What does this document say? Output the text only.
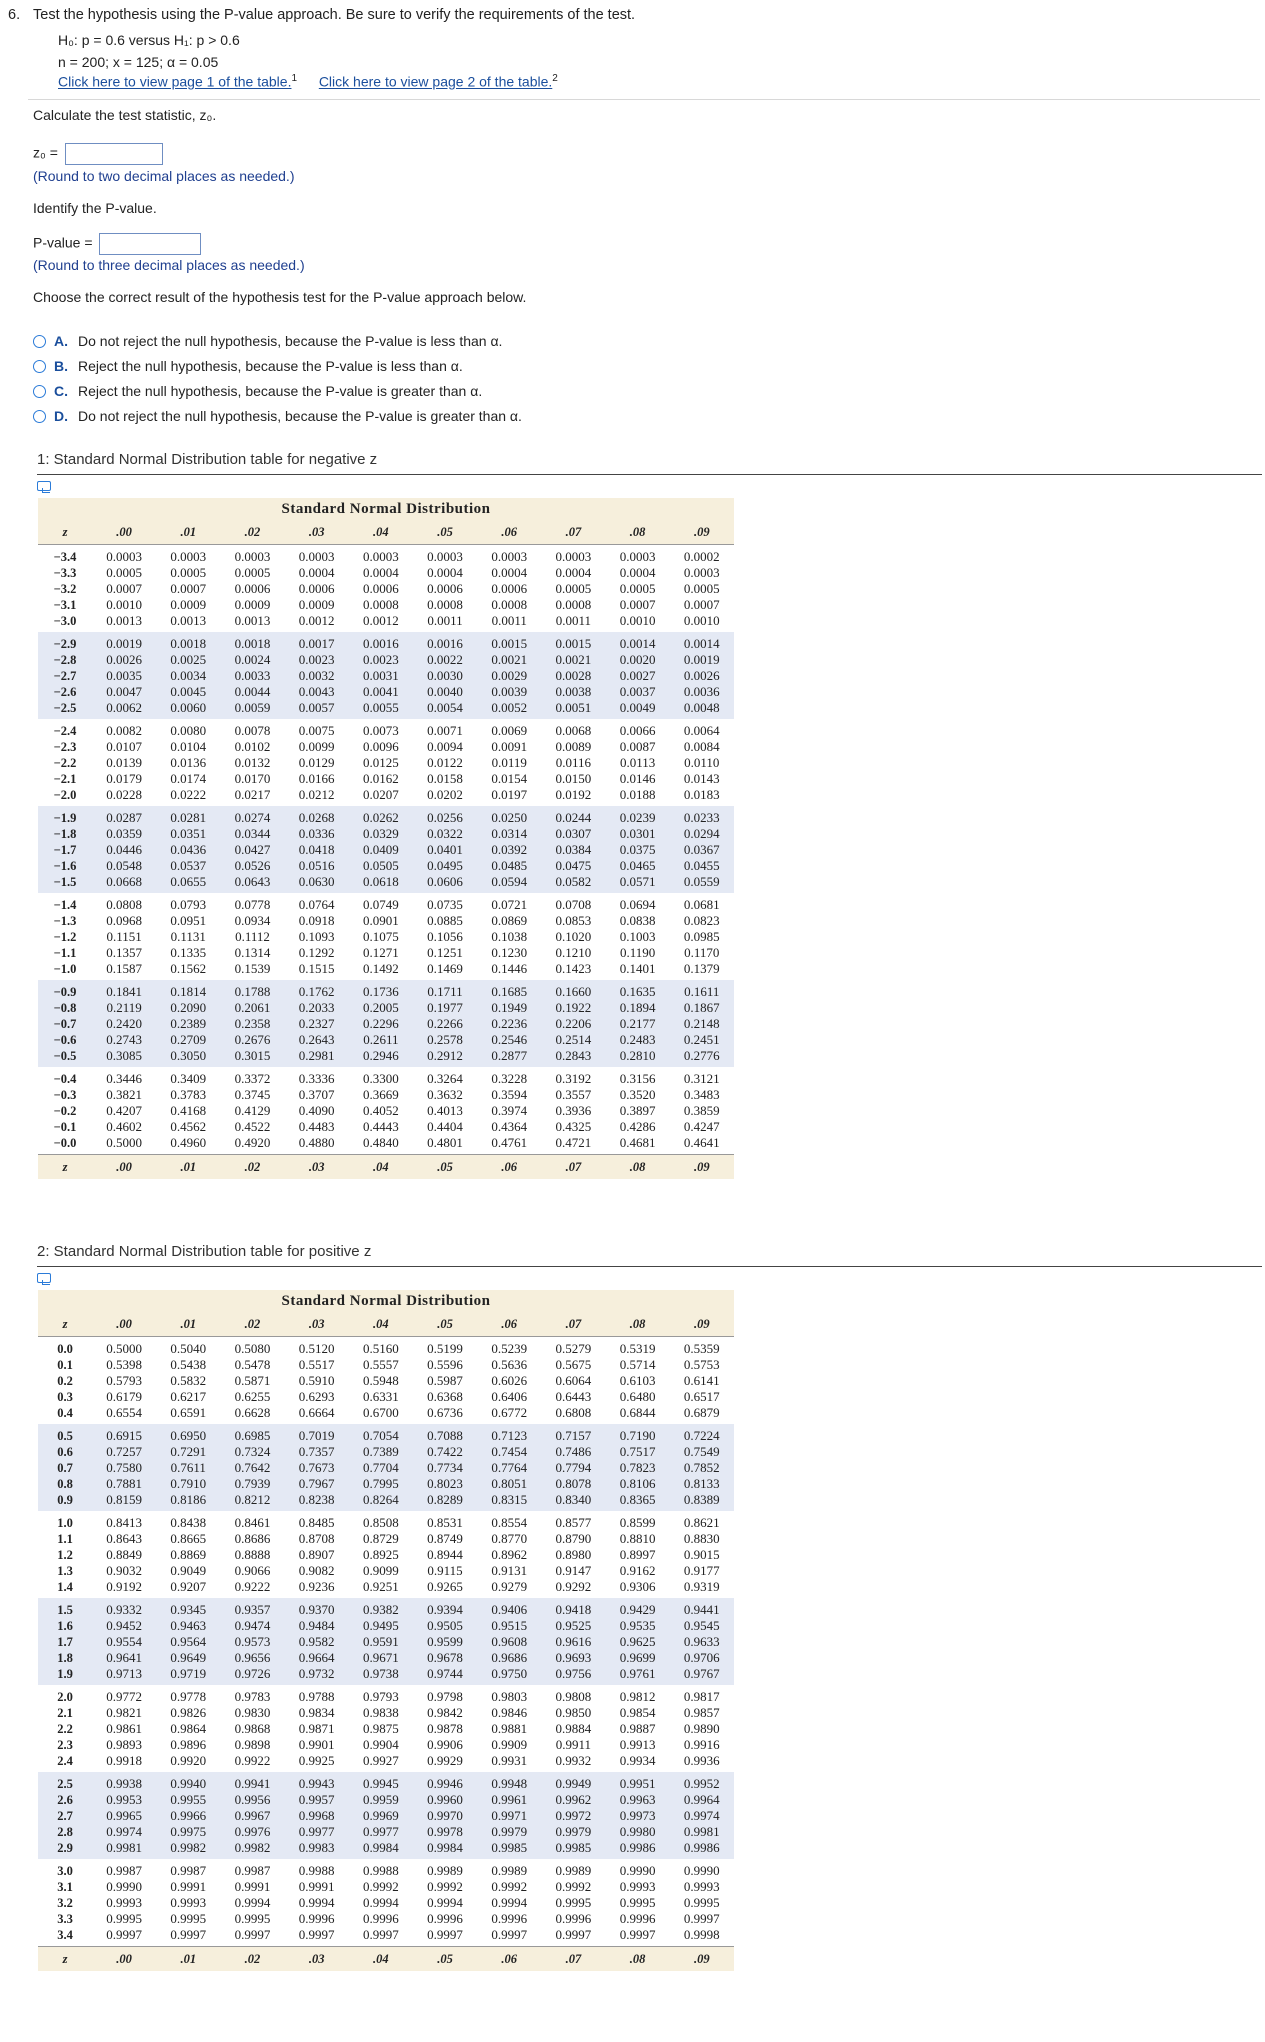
6. Test the hypothesis using the P-value approach. Be sure to verify the requirements of the test.
H₀: p = 0.6 versus H₁: p > 0.6
n = 200; x = 125; α = 0.05
Click here to view page 1 of the table.$^1$ Click here to view page 2 of the table.$^2$
Calculate the test statistic, z₀.
z₀ =
(Round to two decimal places as needed.)
Identify the P-value.
P-value =
(Round to three decimal places as needed.)
Choose the correct result of the hypothesis test for the P-value approach below.
A. Do not reject the null hypothesis, because the P-value is less than α.
B. Reject the null hypothesis, because the P-value is less than α.
C. Reject the null hypothesis, because the P-value is greater than α.
D. Do not reject the null hypothesis, because the P-value is greater than α.
1: Standard Normal Distribution table for negative z
Standard Normal Distribution
z	.00	.01	.02	.03	.04	.05	.06	.07	.08	.09
−3.4	0.0003	0.0003	0.0003	0.0003	0.0003	0.0003	0.0003	0.0003	0.0003	0.0002
−3.3	0.0005	0.0005	0.0005	0.0004	0.0004	0.0004	0.0004	0.0004	0.0004	0.0003
−3.2	0.0007	0.0007	0.0006	0.0006	0.0006	0.0006	0.0006	0.0005	0.0005	0.0005
−3.1	0.0010	0.0009	0.0009	0.0009	0.0008	0.0008	0.0008	0.0008	0.0007	0.0007
−3.0	0.0013	0.0013	0.0013	0.0012	0.0012	0.0011	0.0011	0.0011	0.0010	0.0010
−2.9	0.0019	0.0018	0.0018	0.0017	0.0016	0.0016	0.0015	0.0015	0.0014	0.0014
−2.8	0.0026	0.0025	0.0024	0.0023	0.0023	0.0022	0.0021	0.0021	0.0020	0.0019
−2.7	0.0035	0.0034	0.0033	0.0032	0.0031	0.0030	0.0029	0.0028	0.0027	0.0026
−2.6	0.0047	0.0045	0.0044	0.0043	0.0041	0.0040	0.0039	0.0038	0.0037	0.0036
−2.5	0.0062	0.0060	0.0059	0.0057	0.0055	0.0054	0.0052	0.0051	0.0049	0.0048
−2.4	0.0082	0.0080	0.0078	0.0075	0.0073	0.0071	0.0069	0.0068	0.0066	0.0064
−2.3	0.0107	0.0104	0.0102	0.0099	0.0096	0.0094	0.0091	0.0089	0.0087	0.0084
−2.2	0.0139	0.0136	0.0132	0.0129	0.0125	0.0122	0.0119	0.0116	0.0113	0.0110
−2.1	0.0179	0.0174	0.0170	0.0166	0.0162	0.0158	0.0154	0.0150	0.0146	0.0143
−2.0	0.0228	0.0222	0.0217	0.0212	0.0207	0.0202	0.0197	0.0192	0.0188	0.0183
−1.9	0.0287	0.0281	0.0274	0.0268	0.0262	0.0256	0.0250	0.0244	0.0239	0.0233
−1.8	0.0359	0.0351	0.0344	0.0336	0.0329	0.0322	0.0314	0.0307	0.0301	0.0294
−1.7	0.0446	0.0436	0.0427	0.0418	0.0409	0.0401	0.0392	0.0384	0.0375	0.0367
−1.6	0.0548	0.0537	0.0526	0.0516	0.0505	0.0495	0.0485	0.0475	0.0465	0.0455
−1.5	0.0668	0.0655	0.0643	0.0630	0.0618	0.0606	0.0594	0.0582	0.0571	0.0559
−1.4	0.0808	0.0793	0.0778	0.0764	0.0749	0.0735	0.0721	0.0708	0.0694	0.0681
−1.3	0.0968	0.0951	0.0934	0.0918	0.0901	0.0885	0.0869	0.0853	0.0838	0.0823
−1.2	0.1151	0.1131	0.1112	0.1093	0.1075	0.1056	0.1038	0.1020	0.1003	0.0985
−1.1	0.1357	0.1335	0.1314	0.1292	0.1271	0.1251	0.1230	0.1210	0.1190	0.1170
−1.0	0.1587	0.1562	0.1539	0.1515	0.1492	0.1469	0.1446	0.1423	0.1401	0.1379
−0.9	0.1841	0.1814	0.1788	0.1762	0.1736	0.1711	0.1685	0.1660	0.1635	0.1611
−0.8	0.2119	0.2090	0.2061	0.2033	0.2005	0.1977	0.1949	0.1922	0.1894	0.1867
−0.7	0.2420	0.2389	0.2358	0.2327	0.2296	0.2266	0.2236	0.2206	0.2177	0.2148
−0.6	0.2743	0.2709	0.2676	0.2643	0.2611	0.2578	0.2546	0.2514	0.2483	0.2451
−0.5	0.3085	0.3050	0.3015	0.2981	0.2946	0.2912	0.2877	0.2843	0.2810	0.2776
−0.4	0.3446	0.3409	0.3372	0.3336	0.3300	0.3264	0.3228	0.3192	0.3156	0.3121
−0.3	0.3821	0.3783	0.3745	0.3707	0.3669	0.3632	0.3594	0.3557	0.3520	0.3483
−0.2	0.4207	0.4168	0.4129	0.4090	0.4052	0.4013	0.3974	0.3936	0.3897	0.3859
−0.1	0.4602	0.4562	0.4522	0.4483	0.4443	0.4404	0.4364	0.4325	0.4286	0.4247
−0.0	0.5000	0.4960	0.4920	0.4880	0.4840	0.4801	0.4761	0.4721	0.4681	0.4641
z	.00	.01	.02	.03	.04	.05	.06	.07	.08	.09
2: Standard Normal Distribution table for positive z
Standard Normal Distribution
z	.00	.01	.02	.03	.04	.05	.06	.07	.08	.09
0.0	0.5000	0.5040	0.5080	0.5120	0.5160	0.5199	0.5239	0.5279	0.5319	0.5359
0.1	0.5398	0.5438	0.5478	0.5517	0.5557	0.5596	0.5636	0.5675	0.5714	0.5753
0.2	0.5793	0.5832	0.5871	0.5910	0.5948	0.5987	0.6026	0.6064	0.6103	0.6141
0.3	0.6179	0.6217	0.6255	0.6293	0.6331	0.6368	0.6406	0.6443	0.6480	0.6517
0.4	0.6554	0.6591	0.6628	0.6664	0.6700	0.6736	0.6772	0.6808	0.6844	0.6879
0.5	0.6915	0.6950	0.6985	0.7019	0.7054	0.7088	0.7123	0.7157	0.7190	0.7224
0.6	0.7257	0.7291	0.7324	0.7357	0.7389	0.7422	0.7454	0.7486	0.7517	0.7549
0.7	0.7580	0.7611	0.7642	0.7673	0.7704	0.7734	0.7764	0.7794	0.7823	0.7852
0.8	0.7881	0.7910	0.7939	0.7967	0.7995	0.8023	0.8051	0.8078	0.8106	0.8133
0.9	0.8159	0.8186	0.8212	0.8238	0.8264	0.8289	0.8315	0.8340	0.8365	0.8389
1.0	0.8413	0.8438	0.8461	0.8485	0.8508	0.8531	0.8554	0.8577	0.8599	0.8621
1.1	0.8643	0.8665	0.8686	0.8708	0.8729	0.8749	0.8770	0.8790	0.8810	0.8830
1.2	0.8849	0.8869	0.8888	0.8907	0.8925	0.8944	0.8962	0.8980	0.8997	0.9015
1.3	0.9032	0.9049	0.9066	0.9082	0.9099	0.9115	0.9131	0.9147	0.9162	0.9177
1.4	0.9192	0.9207	0.9222	0.9236	0.9251	0.9265	0.9279	0.9292	0.9306	0.9319
1.5	0.9332	0.9345	0.9357	0.9370	0.9382	0.9394	0.9406	0.9418	0.9429	0.9441
1.6	0.9452	0.9463	0.9474	0.9484	0.9495	0.9505	0.9515	0.9525	0.9535	0.9545
1.7	0.9554	0.9564	0.9573	0.9582	0.9591	0.9599	0.9608	0.9616	0.9625	0.9633
1.8	0.9641	0.9649	0.9656	0.9664	0.9671	0.9678	0.9686	0.9693	0.9699	0.9706
1.9	0.9713	0.9719	0.9726	0.9732	0.9738	0.9744	0.9750	0.9756	0.9761	0.9767
2.0	0.9772	0.9778	0.9783	0.9788	0.9793	0.9798	0.9803	0.9808	0.9812	0.9817
2.1	0.9821	0.9826	0.9830	0.9834	0.9838	0.9842	0.9846	0.9850	0.9854	0.9857
2.2	0.9861	0.9864	0.9868	0.9871	0.9875	0.9878	0.9881	0.9884	0.9887	0.9890
2.3	0.9893	0.9896	0.9898	0.9901	0.9904	0.9906	0.9909	0.9911	0.9913	0.9916
2.4	0.9918	0.9920	0.9922	0.9925	0.9927	0.9929	0.9931	0.9932	0.9934	0.9936
2.5	0.9938	0.9940	0.9941	0.9943	0.9945	0.9946	0.9948	0.9949	0.9951	0.9952
2.6	0.9953	0.9955	0.9956	0.9957	0.9959	0.9960	0.9961	0.9962	0.9963	0.9964
2.7	0.9965	0.9966	0.9967	0.9968	0.9969	0.9970	0.9971	0.9972	0.9973	0.9974
2.8	0.9974	0.9975	0.9976	0.9977	0.9977	0.9978	0.9979	0.9979	0.9980	0.9981
2.9	0.9981	0.9982	0.9982	0.9983	0.9984	0.9984	0.9985	0.9985	0.9986	0.9986
3.0	0.9987	0.9987	0.9987	0.9988	0.9988	0.9989	0.9989	0.9989	0.9990	0.9990
3.1	0.9990	0.9991	0.9991	0.9991	0.9992	0.9992	0.9992	0.9992	0.9993	0.9993
3.2	0.9993	0.9993	0.9994	0.9994	0.9994	0.9994	0.9994	0.9995	0.9995	0.9995
3.3	0.9995	0.9995	0.9995	0.9996	0.9996	0.9996	0.9996	0.9996	0.9996	0.9997
3.4	0.9997	0.9997	0.9997	0.9997	0.9997	0.9997	0.9997	0.9997	0.9997	0.9998
z	.00	.01	.02	.03	.04	.05	.06	.07	.08	.09
